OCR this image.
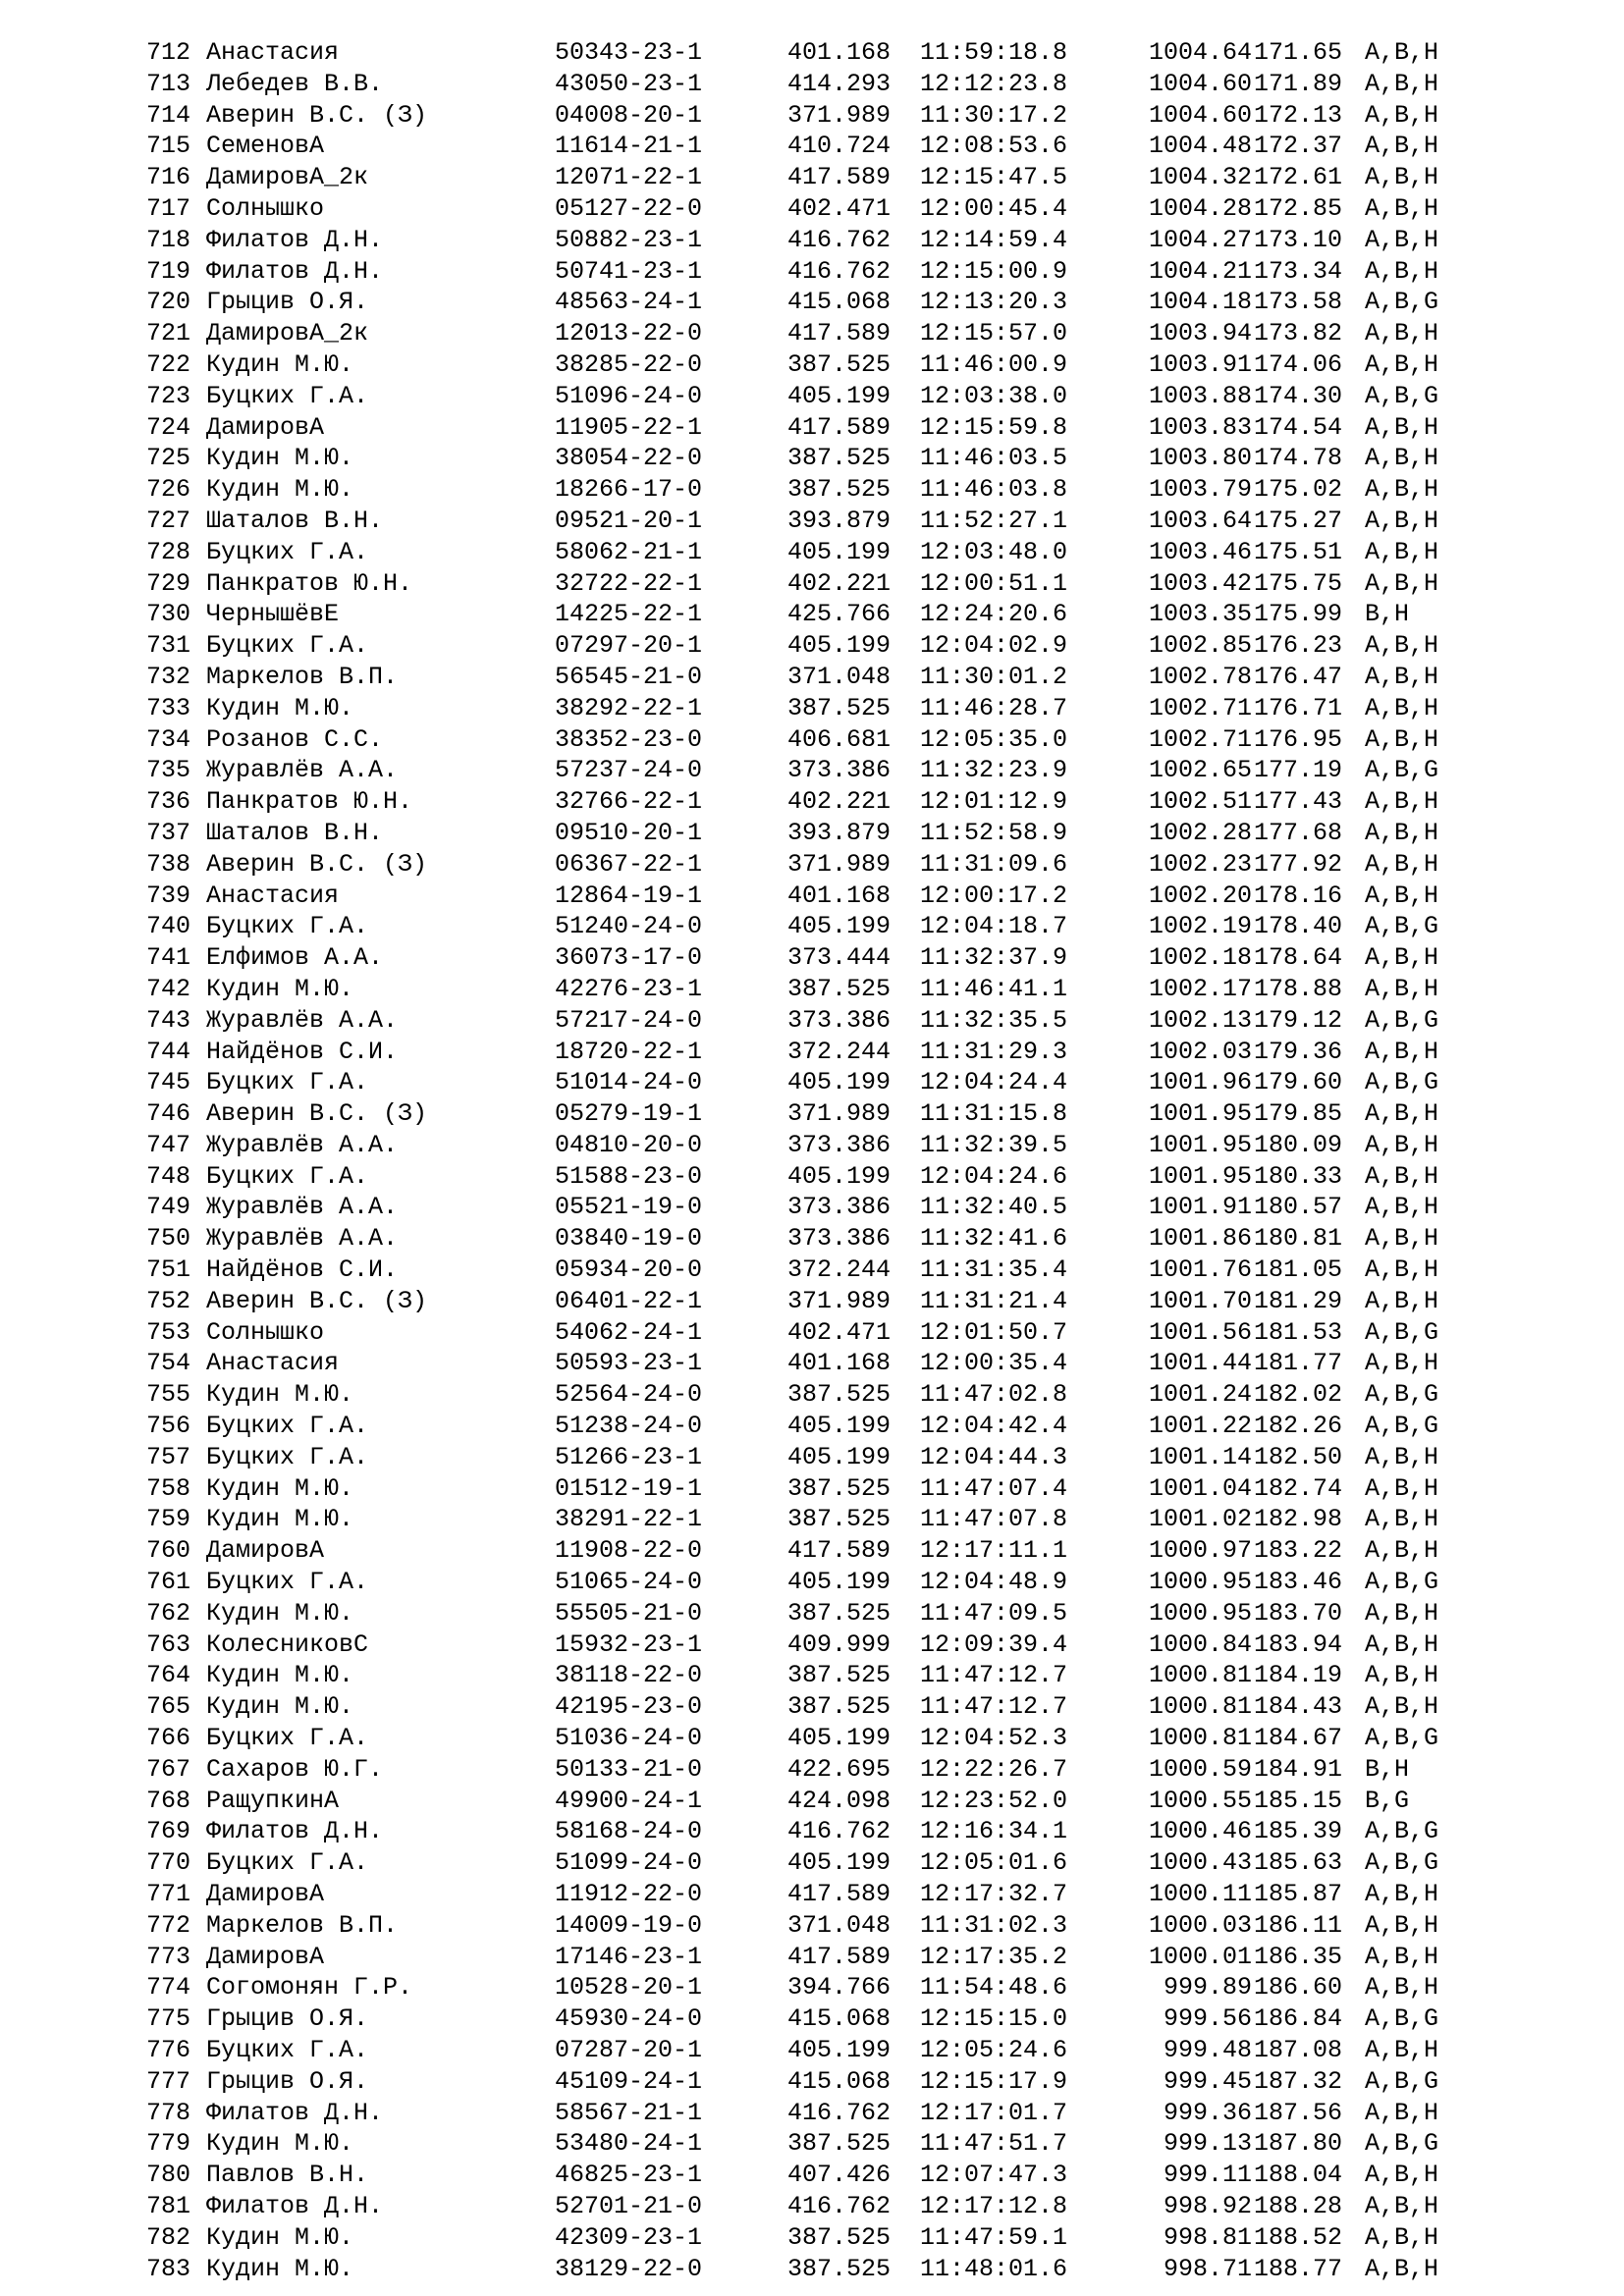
712 Анастасия	50343-23-1	401.168 11:59:18.8	1004.64 171.65 A,B,H
713 Лебедев В.В.	43050-23-1	414.293 12:12:23.8	1004.60 171.89 A,B,H
714 Аверин В.С. (З)	04008-20-1	371.989 11:30:17.2	1004.60 172.13 A,B,H
715 СеменовА	11614-21-1	410.724 12:08:53.6	1004.48 172.37 A,B,H
716 ДамировА_2к	12071-22-1	417.589 12:15:47.5	1004.32 172.61 A,B,H
717 Солнышко	05127-22-0	402.471 12:00:45.4	1004.28 172.85 A,B,H
718 Филатов Д.Н.	50882-23-1	416.762 12:14:59.4	1004.27 173.10 A,B,H
719 Филатов Д.Н.	50741-23-1	416.762 12:15:00.9	1004.21 173.34 A,B,H
720 Грыцив О.Я.	48563-24-1	415.068 12:13:20.3	1004.18 173.58 A,B,G
721 ДамировА_2к	12013-22-0	417.589 12:15:57.0	1003.94 173.82 A,B,H
722 Кудин М.Ю.	38285-22-0	387.525 11:46:00.9	1003.91 174.06 A,B,H
723 Буцких Г.А.	51096-24-0	405.199 12:03:38.0	1003.88 174.30 A,B,G
724 ДамировА	11905-22-1	417.589 12:15:59.8	1003.83 174.54 A,B,H
725 Кудин М.Ю.	38054-22-0	387.525 11:46:03.5	1003.80 174.78 A,B,H
726 Кудин М.Ю.	18266-17-0	387.525 11:46:03.8	1003.79 175.02 A,B,H
727 Шаталов В.Н.	09521-20-1	393.879 11:52:27.1	1003.64 175.27 A,B,H
728 Буцких Г.А.	58062-21-1	405.199 12:03:48.0	1003.46 175.51 A,B,H
729 Панкратов Ю.Н.	32722-22-1	402.221 12:00:51.1	1003.42 175.75 A,B,H
730 ЧернышёвЕ	14225-22-1	425.766 12:24:20.6	1003.35 175.99 B,H
731 Буцких Г.А.	07297-20-1	405.199 12:04:02.9	1002.85 176.23 A,B,H
732 Маркелов В.П.	56545-21-0	371.048 11:30:01.2	1002.78 176.47 A,B,H
733 Кудин М.Ю.	38292-22-1	387.525 11:46:28.7	1002.71 176.71 A,B,H
734 Розанов С.С.	38352-23-0	406.681 12:05:35.0	1002.71 176.95 A,B,H
735 Журавлёв А.А.	57237-24-0	373.386 11:32:23.9	1002.65 177.19 A,B,G
736 Панкратов Ю.Н.	32766-22-1	402.221 12:01:12.9	1002.51 177.43 A,B,H
737 Шаталов В.Н.	09510-20-1	393.879 11:52:58.9	1002.28 177.68 A,B,H
738 Аверин В.С. (З)	06367-22-1	371.989 11:31:09.6	1002.23 177.92 A,B,H
739 Анастасия	12864-19-1	401.168 12:00:17.2	1002.20 178.16 A,B,H
740 Буцких Г.А.	51240-24-0	405.199 12:04:18.7	1002.19 178.40 A,B,G
741 Елфимов А.А.	36073-17-0	373.444 11:32:37.9	1002.18 178.64 A,B,H
742 Кудин М.Ю.	42276-23-1	387.525 11:46:41.1	1002.17 178.88 A,B,H
743 Журавлёв А.А.	57217-24-0	373.386 11:32:35.5	1002.13 179.12 A,B,G
744 Найдёнов С.И.	18720-22-1	372.244 11:31:29.3	1002.03 179.36 A,B,H
745 Буцких Г.А.	51014-24-0	405.199 12:04:24.4	1001.96 179.60 A,B,G
746 Аверин В.С. (З)	05279-19-1	371.989 11:31:15.8	1001.95 179.85 A,B,H
747 Журавлёв А.А.	04810-20-0	373.386 11:32:39.5	1001.95 180.09 A,B,H
748 Буцких Г.А.	51588-23-0	405.199 12:04:24.6	1001.95 180.33 A,B,H
749 Журавлёв А.А.	05521-19-0	373.386 11:32:40.5	1001.91 180.57 A,B,H
750 Журавлёв А.А.	03840-19-0	373.386 11:32:41.6	1001.86 180.81 A,B,H
751 Найдёнов С.И.	05934-20-0	372.244 11:31:35.4	1001.76 181.05 A,B,H
752 Аверин В.С. (З)	06401-22-1	371.989 11:31:21.4	1001.70 181.29 A,B,H
753 Солнышко	54062-24-1	402.471 12:01:50.7	1001.56 181.53 A,B,G
754 Анастасия	50593-23-1	401.168 12:00:35.4	1001.44 181.77 A,B,H
755 Кудин М.Ю.	52564-24-0	387.525 11:47:02.8	1001.24 182.02 A,B,G
756 Буцких Г.А.	51238-24-0	405.199 12:04:42.4	1001.22 182.26 A,B,G
757 Буцких Г.А.	51266-23-1	405.199 12:04:44.3	1001.14 182.50 A,B,H
758 Кудин М.Ю.	01512-19-1	387.525 11:47:07.4	1001.04 182.74 A,B,H
759 Кудин М.Ю.	38291-22-1	387.525 11:47:07.8	1001.02 182.98 A,B,H
760 ДамировА	11908-22-0	417.589 12:17:11.1	1000.97 183.22 A,B,H
761 Буцких Г.А.	51065-24-0	405.199 12:04:48.9	1000.95 183.46 A,B,G
762 Кудин М.Ю.	55505-21-0	387.525 11:47:09.5	1000.95 183.70 A,B,H
763 КолесниковС	15932-23-1	409.999 12:09:39.4	1000.84 183.94 A,B,H
764 Кудин М.Ю.	38118-22-0	387.525 11:47:12.7	1000.81 184.19 A,B,H
765 Кудин М.Ю.	42195-23-0	387.525 11:47:12.7	1000.81 184.43 A,B,H
766 Буцких Г.А.	51036-24-0	405.199 12:04:52.3	1000.81 184.67 A,B,G
767 Сахаров Ю.Г.	50133-21-0	422.695 12:22:26.7	1000.59 184.91 B,H
768 РащупкинА	49900-24-1	424.098 12:23:52.0	1000.55 185.15 B,G
769 Филатов Д.Н.	58168-24-0	416.762 12:16:34.1	1000.46 185.39 A,B,G
770 Буцких Г.А.	51099-24-0	405.199 12:05:01.6	1000.43 185.63 A,B,G
771 ДамировА	11912-22-0	417.589 12:17:32.7	1000.11 185.87 A,B,H
772 Маркелов В.П.	14009-19-0	371.048 11:31:02.3	1000.03 186.11 A,B,H
773 ДамировА	17146-23-1	417.589 12:17:35.2	1000.01 186.35 A,B,H
774 Согомонян Г.Р.	10528-20-1	394.766 11:54:48.6	999.89 186.60 A,B,H
775 Грыцив О.Я.	45930-24-0	415.068 12:15:15.0	999.56 186.84 A,B,G
776 Буцких Г.А.	07287-20-1	405.199 12:05:24.6	999.48 187.08 A,B,H
777 Грыцив О.Я.	45109-24-1	415.068 12:15:17.9	999.45 187.32 A,B,G
778 Филатов Д.Н.	58567-21-1	416.762 12:17:01.7	999.36 187.56 A,B,H
779 Кудин М.Ю.	53480-24-1	387.525 11:47:51.7	999.13 187.80 A,B,G
780 Павлов В.Н.	46825-23-1	407.426 12:07:47.3	999.11 188.04 A,B,H
781 Филатов Д.Н.	52701-21-0	416.762 12:17:12.8	998.92 188.28 A,B,H
782 Кудин М.Ю.	42309-23-1	387.525 11:47:59.1	998.81 188.52 A,B,H
783 Кудин М.Ю.	38129-22-0	387.525 11:48:01.6	998.71 188.77 A,B,H
